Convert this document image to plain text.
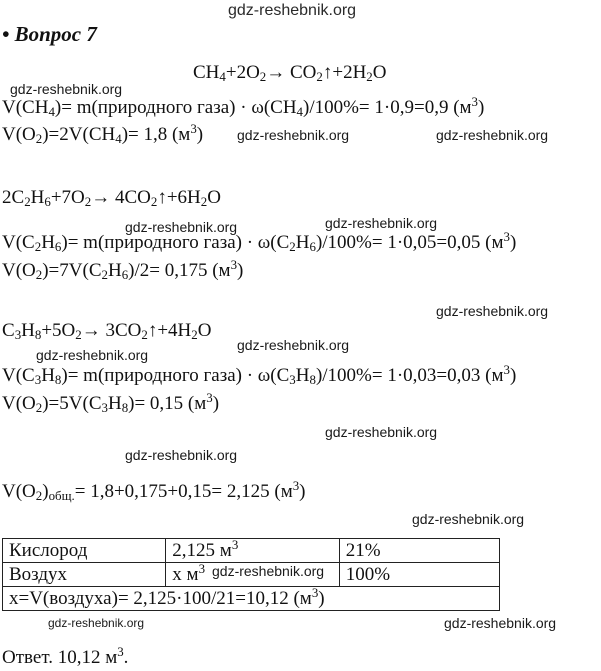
gdz-reshebnik.org
• Вопрос 7
$CH_4+2O_2\to$ $CO_2↑+2H_2O$
gdz-reshebnik.org
$V(CH_4)=$ m(природного газа) · $\omega(CH_4)/100\%= 1\cdot 0,9=0,9$ $(м^3)$
$V(O_2)=2V(CH_4)= 1,8$ $(м^3)$ gdz-reshebnik.org	gdz-reshebnik.org
$2C_2H_6+7O_2\to$ $4CO_2↑+6H_2O$
gdz-reshebnik.org	gdz-reshebnik.org
$V(C_2H_6)=$ m(природного газа) · $\omega(C_2H_6)/100\%= 1\cdot 0,05=0,05$ $(м^3)$
$V(O_2)=7V(C_2H_6)/2= 0,175$ $(м^3)$
gdz-reshebnik.org
$C_3H_8+5O_2\to$ $3CO_2↑+4H_2O$
gdz-reshebnik.org
gdz-reshebnik.org
$V(C_3H_8)=$ m(природного газа) · $\omega(C_3H_8)/100\%= 1\cdot 0,03=0,03$ $(м^3)$
$V(O_2)=5V(C_3H_8)= 0,15$ $(м^3)$
gdz-reshebnik.org
gdz-reshebnik.org
$V(O_2)_{общ.}= 1,8+0,175+0,15= 2,125$ $(м^3)$
gdz-reshebnik.org
Кислород	2,125 $м^3$	21%
Воздух	x $м^3$	100%
x=V(воздуха)= 2,125·100/21=10,12 $(м^3)$		
gdz-reshebnik.org
gdz-reshebnik.org	gdz-reshebnik.org
Ответ. 10,12 $м^3$.
